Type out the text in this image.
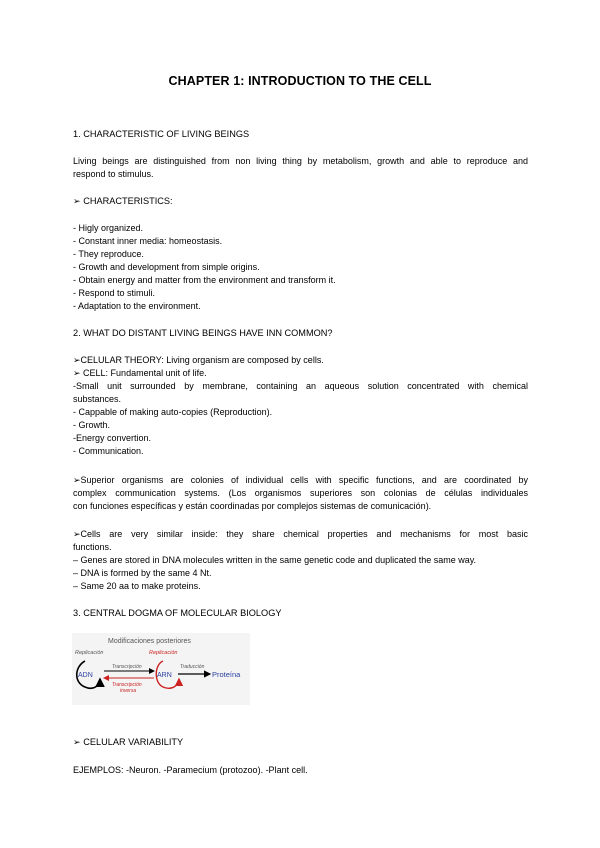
CHAPTER 1: INTRODUCTION TO THE CELL
1. CHARACTERISTIC OF LIVING BEINGS
Living beings are distinguished from non living thing by metabolism, growth and able to reproduce and
respond to stimulus.
➢ CHARACTERISTICS:
- Higly organized.
- Constant inner media: homeostasis.
- They reproduce.
- Growth and development from simple origins.
- Obtain energy and matter from the environment and transform it.
- Respond to stimuli.
- Adaptation to the environment.
2. WHAT DO DISTANT LIVING BEINGS HAVE INN COMMON?
➢CELULAR THEORY: Living organism are composed by cells.
➢ CELL: Fundamental unit of life.
-Small unit surrounded by membrane, containing an aqueous solution concentrated with chemical
substances.
- Cappable of making auto-copies (Reproduction).
- Growth.
-Energy convertion.
- Communication.
➢Superior organisms are colonies of individual cells with specific functions, and are coordinated by
complex communication systems. (Los organismos superiores son colonias de células individuales
con funciones específicas y están coordinadas por complejos sistemas de comunicación).
➢Cells are very similar inside: they share chemical properties and mechanisms for most basic
functions.
– Genes are stored in DNA molecules written in the same genetic code and duplicated the same way.
– DNA is formed by the same 4 Nt.
– Same 20 aa to make proteins.
3. CENTRAL DOGMA OF MOLECULAR BIOLOGY
Modificaciones posteriores
Replicación	Replicación
ADN	ARN
Transcripción
Transcripción
inversa
Traducción
Proteína
➢ CELULAR VARIABILITY
EJEMPLOS: -Neuron. -Paramecium (protozoo). -Plant cell.
